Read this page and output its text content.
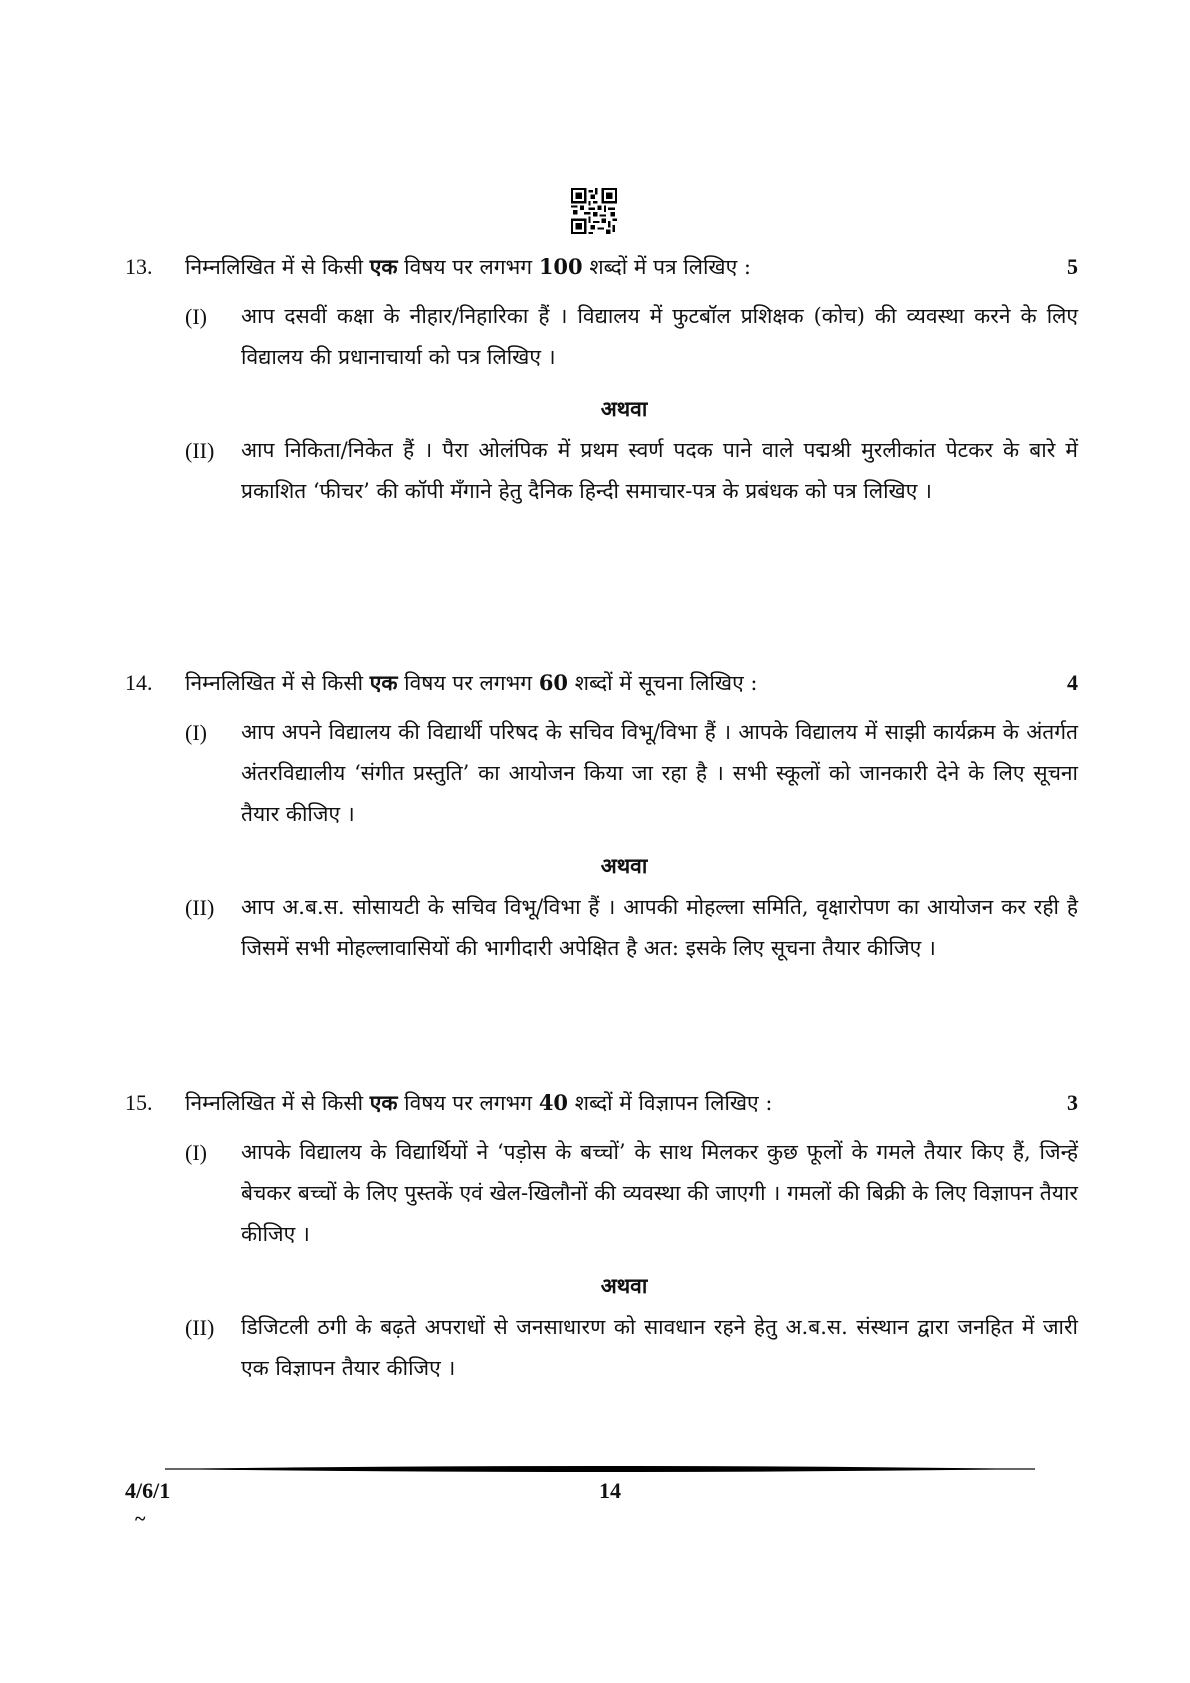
13.	निम्नलिखित में से किसी एक विषय पर लगभग 100 शब्दों में पत्र लिखिए :	5
(I)	आप दसवीं कक्षा के नीहार/निहारिका हैं । विद्यालय में फुटबॉल प्रशिक्षक (कोच) की व्यवस्था करने के लिए विद्यालय की प्रधानाचार्या को पत्र लिखिए ।
अथवा
(II)	आप निकिता/निकेत हैं । पैरा ओलंपिक में प्रथम स्वर्ण पदक पाने वाले पद्मश्री मुरलीकांत पेटकर के बारे में प्रकाशित ‘फीचर’ की कॉपी मँगाने हेतु दैनिक हिन्दी समाचार-पत्र के प्रबंधक को पत्र लिखिए ।
14.	निम्नलिखित में से किसी एक विषय पर लगभग 60 शब्दों में सूचना लिखिए :	4
(I)	आप अपने विद्यालय की विद्यार्थी परिषद के सचिव विभू/विभा हैं । आपके विद्यालय में साझी कार्यक्रम के अंतर्गत अंतरविद्यालीय ‘संगीत प्रस्तुति’ का आयोजन किया जा रहा है । सभी स्कूलों को जानकारी देने के लिए सूचना तैयार कीजिए ।
अथवा
(II)	आप अ.ब.स. सोसायटी के सचिव विभू/विभा हैं । आपकी मोहल्ला समिति, वृक्षारोपण का आयोजन कर रही है जिसमें सभी मोहल्लावासियों की भागीदारी अपेक्षित है अत: इसके लिए सूचना तैयार कीजिए ।
15.	निम्नलिखित में से किसी एक विषय पर लगभग 40 शब्दों में विज्ञापन लिखिए :	3
(I)	आपके विद्यालय के विद्यार्थियों ने ‘पड़ोस के बच्चों’ के साथ मिलकर कुछ फूलों के गमले तैयार किए हैं, जिन्हें बेचकर बच्चों के लिए पुस्तकें एवं खेल-खिलौनों की व्यवस्था की जाएगी । गमलों की बिक्री के लिए विज्ञापन तैयार कीजिए ।
अथवा
(II)	डिजिटली ठगी के बढ़ते अपराधों से जनसाधारण को सावधान रहने हेतु अ.ब.स. संस्थान द्वारा जनहित में जारी एक विज्ञापन तैयार कीजिए ।
4/6/1	14
~
